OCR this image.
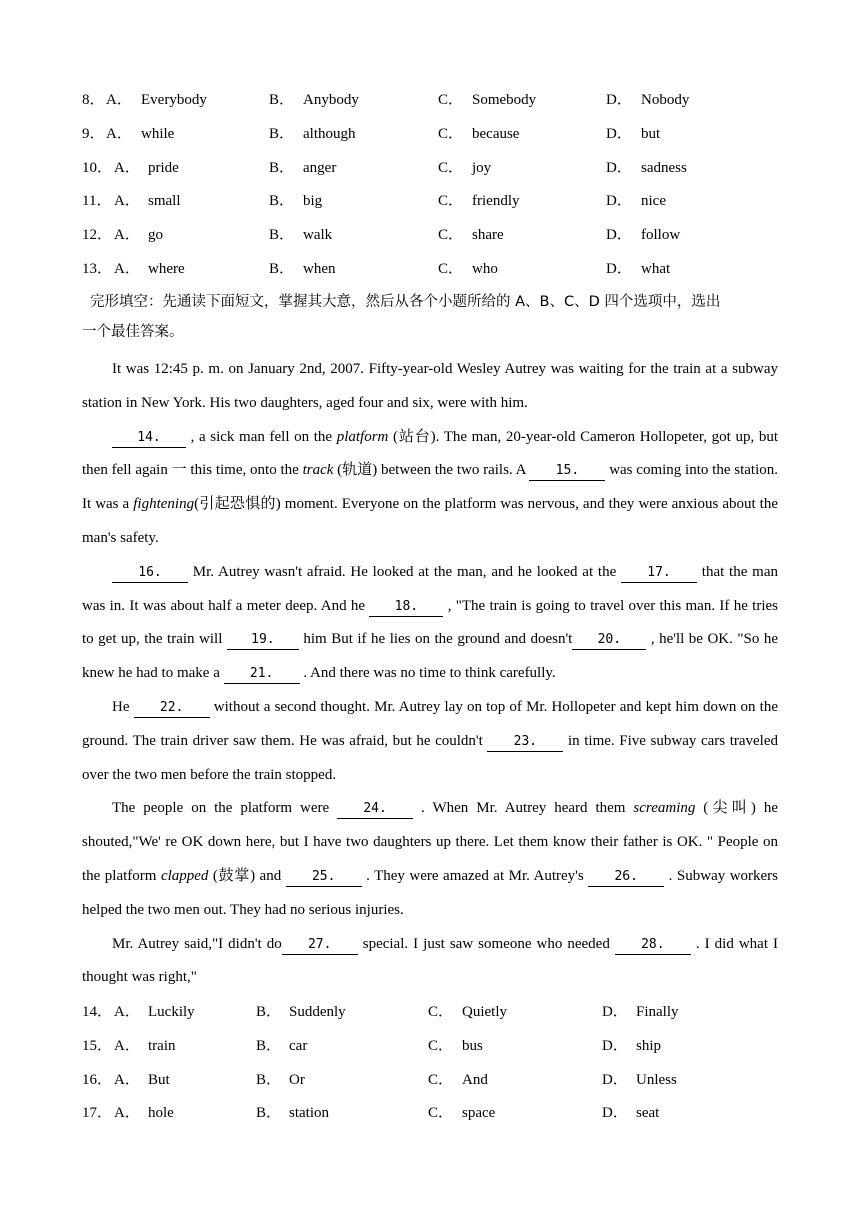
8． A． Everybody	B． Anybody	C． Somebody	D． Nobody
9． A． while	B． although	C． because	D． but
10． A． pride	B． anger	C． joy	D． sadness
11． A． small	B． big	C． friendly	D． nice
12． A． go	B． walk	C． share	D． follow
13． A． where	B． when	C． who	D． what
完形填空：先通读下面短文，掌握其大意，然后从各个小题所给的 A、B、C、D 四个选项中，选出
一个最佳答案。

It was 12:45 p. m. on January 2nd, 2007. Fifty-year-old Wesley Autrey was waiting for the train at a subway station in New York. His two daughters, aged four and six, were with him.

14. , a sick man fell on the platform (站台). The man, 20-year-old Cameron Hollopeter, got up, but then fell again 一 this time, onto the track (轨道) between the two rails. A 15. was coming into the station. It was a fightening(引起恐惧的) moment. Everyone on the platform was nervous, and they were anxious about the man's safety.

16. Mr. Autrey wasn't afraid. He looked at the man, and he looked at the 17. that the man was in. It was about half a meter deep. And he 18. , "The train is going to travel over this man. If he tries to get up, the train will 19. him But if he lies on the ground and doesn't 20. , he'll be OK. "So he knew he had to make a 21. . And there was no time to think carefully.

He 22. without a second thought. Mr. Autrey lay on top of Mr. Hollopeter and kept him down on the ground. The train driver saw them. He was afraid, but he couldn't 23. in time. Five subway cars traveled over the two men before the train stopped.

The people on the platform were 24. . When Mr. Autrey heard them screaming (尖叫) he shouted,"We' re OK down here, but I have two daughters up there. Let them know their father is OK. " People on the platform clapped (鼓掌) and 25. . They were amazed at Mr. Autrey's 26. . Subway workers helped the two men out. They had no serious injuries.

Mr. Autrey said,"I didn't do 27. special. I just saw someone who needed 28. . I did what I thought was right,"

14． A． Luckily	B． Suddenly	C． Quietly	D． Finally
15． A． train	B． car	C． bus	D． ship
16． A． But	B． Or	C． And	D． Unless
17． A． hole	B． station	C． space	D． seat
